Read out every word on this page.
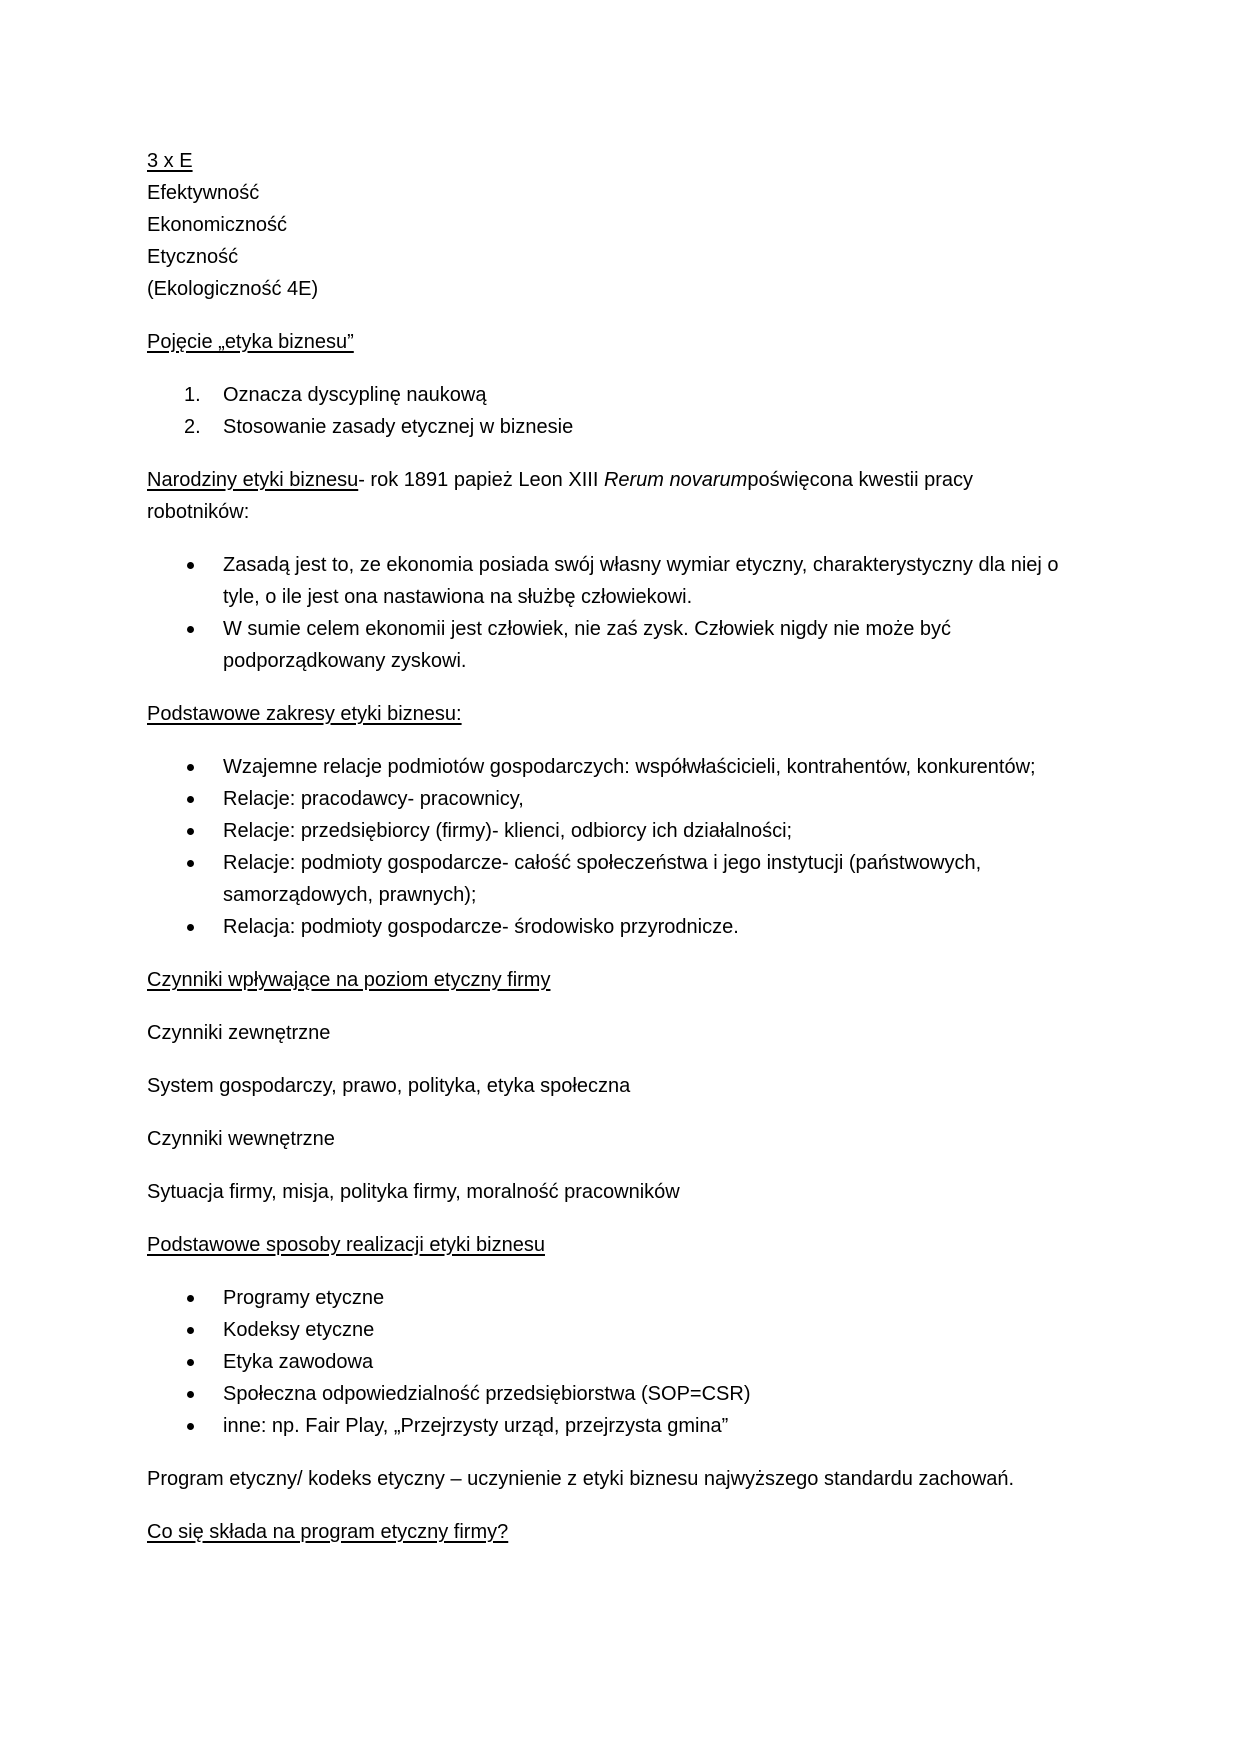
3 x E

Efektywność

Ekonomiczność

Etyczność

(Ekologiczność 4E)

Pojęcie „etyka biznesu”

1. Oznacza dyscyplinę naukową
2. Stosowanie zasady etycznej w biznesie

Narodziny etyki biznesu- rok 1891 papież Leon XIII Rerum novarumpoświęcona kwestii pracy

robotników:

Zasadą jest to, ze ekonomia posiada swój własny wymiar etyczny, charakterystyczny dla niej o tyle, o ile jest ona nastawiona na służbę człowiekowi.
W sumie celem ekonomii jest człowiek, nie zaś zysk. Człowiek nigdy nie może być podporządkowany zyskowi.

Podstawowe zakresy etyki biznesu:

Wzajemne relacje podmiotów gospodarczych: współwłaścicieli, kontrahentów, konkurentów;
Relacje: pracodawcy- pracownicy,
Relacje: przedsiębiorcy (firmy)- klienci, odbiorcy ich działalności;
Relacje: podmioty gospodarcze- całość społeczeństwa i jego instytucji (państwowych, samorządowych, prawnych);
Relacja: podmioty gospodarcze- środowisko przyrodnicze.

Czynniki wpływające na poziom etyczny firmy

Czynniki zewnętrzne

System gospodarczy, prawo, polityka, etyka społeczna

Czynniki wewnętrzne

Sytuacja firmy, misja, polityka firmy, moralność pracowników

Podstawowe sposoby realizacji etyki biznesu

Programy etyczne
Kodeksy etyczne
Etyka zawodowa
Społeczna odpowiedzialność przedsiębiorstwa (SOP=CSR)
inne: np. Fair Play, „Przejrzysty urząd, przejrzysta gmina”

Program etyczny/ kodeks etyczny – uczynienie z etyki biznesu najwyższego standardu zachowań.

Co się składa na program etyczny firmy?
